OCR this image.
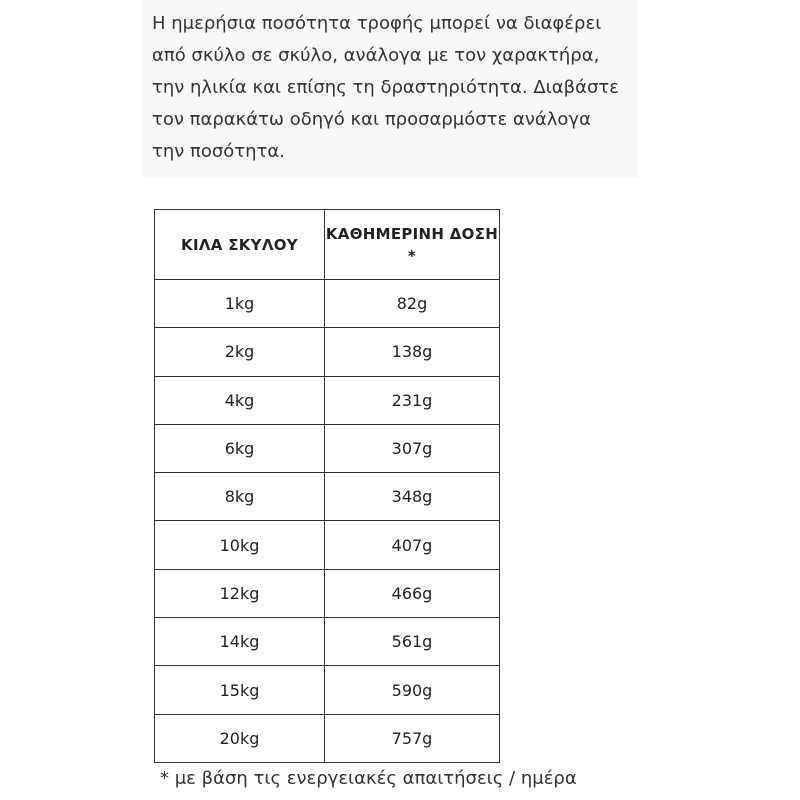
Η ημερήσια ποσότητα τροφής μπορεί να διαφέρει
από σκύλο σε σκύλο, ανάλογα με τον χαρακτήρα,
την ηλικία και επίσης τη δραστηριότητα. Διαβάστε
τον παρακάτω οδηγό και προσαρμόστε ανάλογα
την ποσότητα.

ΚΙΛΑ ΣΚΥΛΟΥ	ΚΑΘΗΜΕΡΙΝΗ ΔΟΣΗ *
1kg	82g
2kg	138g
4kg	231g
6kg	307g
8kg	348g
10kg	407g
12kg	466g
14kg	561g
15kg	590g
20kg	757g

* με βάση τις ενεργειακές απαιτήσεις / ημέρα
